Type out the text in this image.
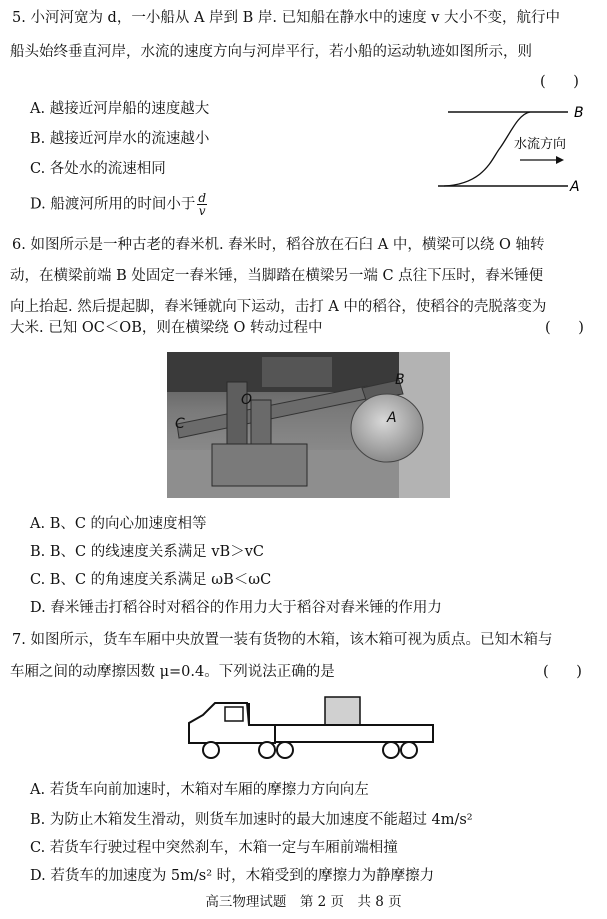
5. 小河河宽为 d，一小船从 A 岸到 B 岸. 已知船在静水中的速度 v 大小不变，航行中
船头始终垂直河岸，水流的速度方向与河岸平行，若小船的运动轨迹如图所示，则
(      )
A. 越接近河岸船的速度越大
B. 越接近河岸水的流速越小
C. 各处水的流速相同
D. 船渡河所用的时间小于 $\frac{d}{v}$
B
A
水流方向
6. 如图所示是一种古老的舂米机. 舂米时，稻谷放在石臼 A 中，横梁可以绕 O 轴转
动，在横梁前端 B 处固定一舂米锤，当脚踏在横梁另一端 C 点往下压时，舂米锤便
向上抬起. 然后提起脚，舂米锤就向下运动，击打 A 中的稻谷，使稻谷的壳脱落变为
大米. 已知 OC＜OB，则在横梁绕 O 转动过程中	(      )
B
O
C	A
A. B、C 的向心加速度相等
B. B、C 的线速度关系满足 vB＞vC
C. B、C 的角速度关系满足 ωB＜ωC
D. 舂米锤击打稻谷时对稻谷的作用力大于稻谷对舂米锤的作用力
7. 如图所示，货车车厢中央放置一装有货物的木箱，该木箱可视为质点。已知木箱与
车厢之间的动摩擦因数 μ=0.4。下列说法正确的是	(      )
A. 若货车向前加速时，木箱对车厢的摩擦力方向向左
B. 为防止木箱发生滑动，则货车加速时的最大加速度不能超过 4m/s²
C. 若货车行驶过程中突然刹车，木箱一定与车厢前端相撞
D. 若货车的加速度为 5m/s² 时，木箱受到的摩擦力为静摩擦力
高三物理试题　第 2 页　共 8 页
